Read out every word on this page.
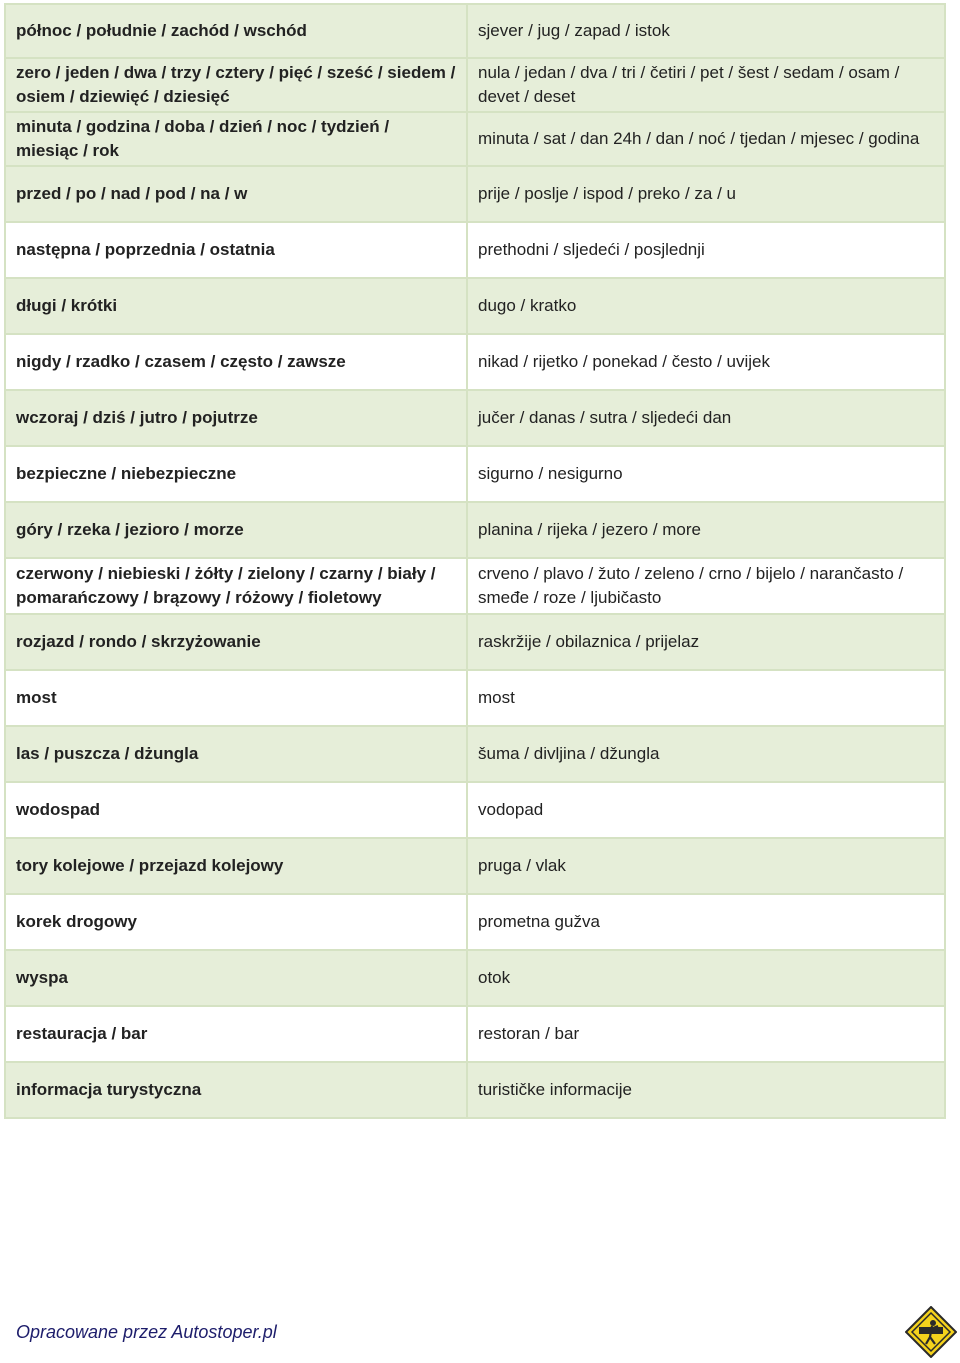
północ / południe / zachód / wschód	sjever / jug / zapad / istok
zero / jeden / dwa / trzy / cztery / pięć / sześć / siedem / osiem / dziewięć / dziesięć	nula / jedan / dva / tri / četiri / pet / šest / sedam / osam / devet / deset
minuta / godzina / doba / dzień / noc / tydzień / miesiąc / rok	minuta / sat / dan 24h / dan / noć / tjedan / mjesec / godina
przed / po / nad / pod / na / w	prije / poslje / ispod / preko / za / u
następna / poprzednia / ostatnia	prethodni / sljedeći / posjlednji
długi / krótki	dugo / kratko
nigdy / rzadko / czasem / często / zawsze	nikad / rijetko / ponekad / često / uvijek
wczoraj / dziś / jutro / pojutrze	jučer / danas / sutra / sljedeći dan
bezpieczne / niebezpieczne	sigurno / nesigurno
góry / rzeka / jezioro / morze	planina / rijeka / jezero / more
czerwony / niebieski / żółty / zielony / czarny / biały / pomarańczowy / brązowy / różowy / fioletowy	crveno / plavo / žuto / zeleno / crno / bijelo / narančasto / smeđe / roze / ljubičasto
rozjazd / rondo / skrzyżowanie	raskržije / obilaznica / prijelaz
most	most
las / puszcza / dżungla	šuma / divljina / džungla
wodospad	vodopad
tory kolejowe / przejazd kolejowy	pruga / vlak
korek drogowy	prometna gužva
wyspa	otok
restauracja / bar	restoran / bar
informacja turystyczna	turističke informacije
Opracowane przez Autostoper.pl
